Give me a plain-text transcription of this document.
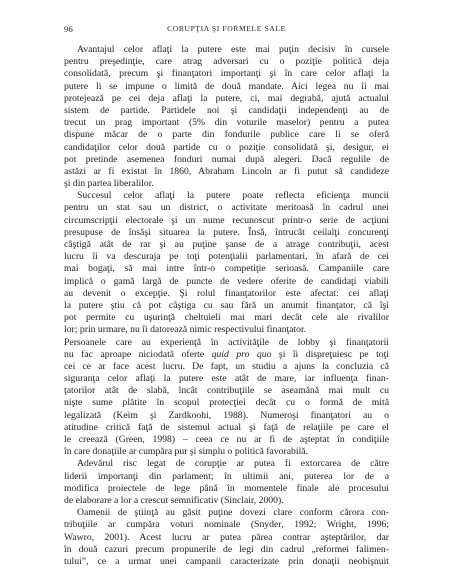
96	CORUPŢIA ŞI FORMELE SALE
Avantajul celor aflaţi la putere este mai puţin decisiv în cursele
pentru preşedinţie, care atrag adversari cu o poziţie politică deja
consolidată, precum şi finanţatori importanţi şi în care celor aflaţi la
putere li se impune o limită de două mandate. Aici legea nu îi mai
protejează pe cei deja aflaţi la putere, ci, mai degrabă, ajută actualul
sistem de partide. Partidele noi şi candidaţii independenţi au de
trecut un prag important (5% din voturile maselor) pentru a putea
dispune măcar de o parte din fondurile publice care li se oferă
candidaţilor celor două partide cu o poziţie consolidată şi, desigur, ei
pot pretinde asemenea fonduri numai după alegeri. Dacă regulile de
astăzi ar fi existat în 1860, Abraham Lincoln ar fi putut să candideze
şi din partea liberalilor.
Succesul celor aflaţi la putere poate reflecta eficienţa muncii
pentru un stat sau un district, o activitate meritoasă în cadrul unei
circumscripţii electorale şi un nume recunoscut printr-o serie de acţiuni
presupuse de însăşi situarea la putere. Însă, întrucât ceilalţi concurenţi
câştigă atât de rar şi au puţine şanse de a atrage contribuţii, acest
lucru îi va descuraja pe toţi potenţialii parlamentari, în afară de cei
mai bogaţi, să mai intre într-o competiţie serioasă. Campaniile care
implică o gamă largă de puncte de vedere oferite de candidaţi viabili
au devenit o excepţie. Şi rolul finanţatorilor este afectat: cei aflaţi
la putere ştiu că pot câştiga cu sau fără un anumit finanţator, că îşi
pot permite cu uşurinţă cheltuieli mai mari decât cele ale rivalilor
lor; prin urmare, nu îi datorează nimic respectivului finanţator.
Persoanele care au experienţă în activităţile de lobby şi finanţatorii
nu fac aproape niciodată oferte quid pro quo şi îi dispreţuiesc pe toţi
cei ce ar face acest lucru. De fapt, un studiu a ajuns la concluzia că
siguranţa celor aflaţi la putere este atât de mare, iar influenţa finan-
ţatorilor atât de slabă, încât contribuţiile se aseamănă mai mult cu
nişte sume plătite în scopul protecţiei decât cu o formă de mită
legalizată (Keim şi Zardkoohi, 1988). Numeroşi finanţatori au o
atitudine critică faţă de sistemul actual şi faţă de relaţiile pe care el
le creează (Green, 1998) – ceea ce nu ar fi de aşteptat în condiţiile
în care donaţiile ar cumpăra pur şi simplu o politică favorabilă.
Adevărul risc legat de corupţie ar putea fi extorcarea de către
liderii importanţi din parlament; în ultimii ani, puterea lor de a
modifica proiectele de lege până în momentele finale ale procesului
de elaborare a lor a crescut semnificativ (Sinclair, 2000).
Oamenii de ştiinţă au găsit puţine dovezi clare conform cărora con-
tribuţiile ar cumpăra voturi nominale (Snyder, 1992; Wright, 1996;
Wawro, 2001). Acest lucru ar putea părea contrar aşteptărilor, dar
în două cazuri precum propunerile de legi din cadrul „reformei falimen-
tului”, ce a urmat unei campanii caracterizate prin donaţii neobişnuit
